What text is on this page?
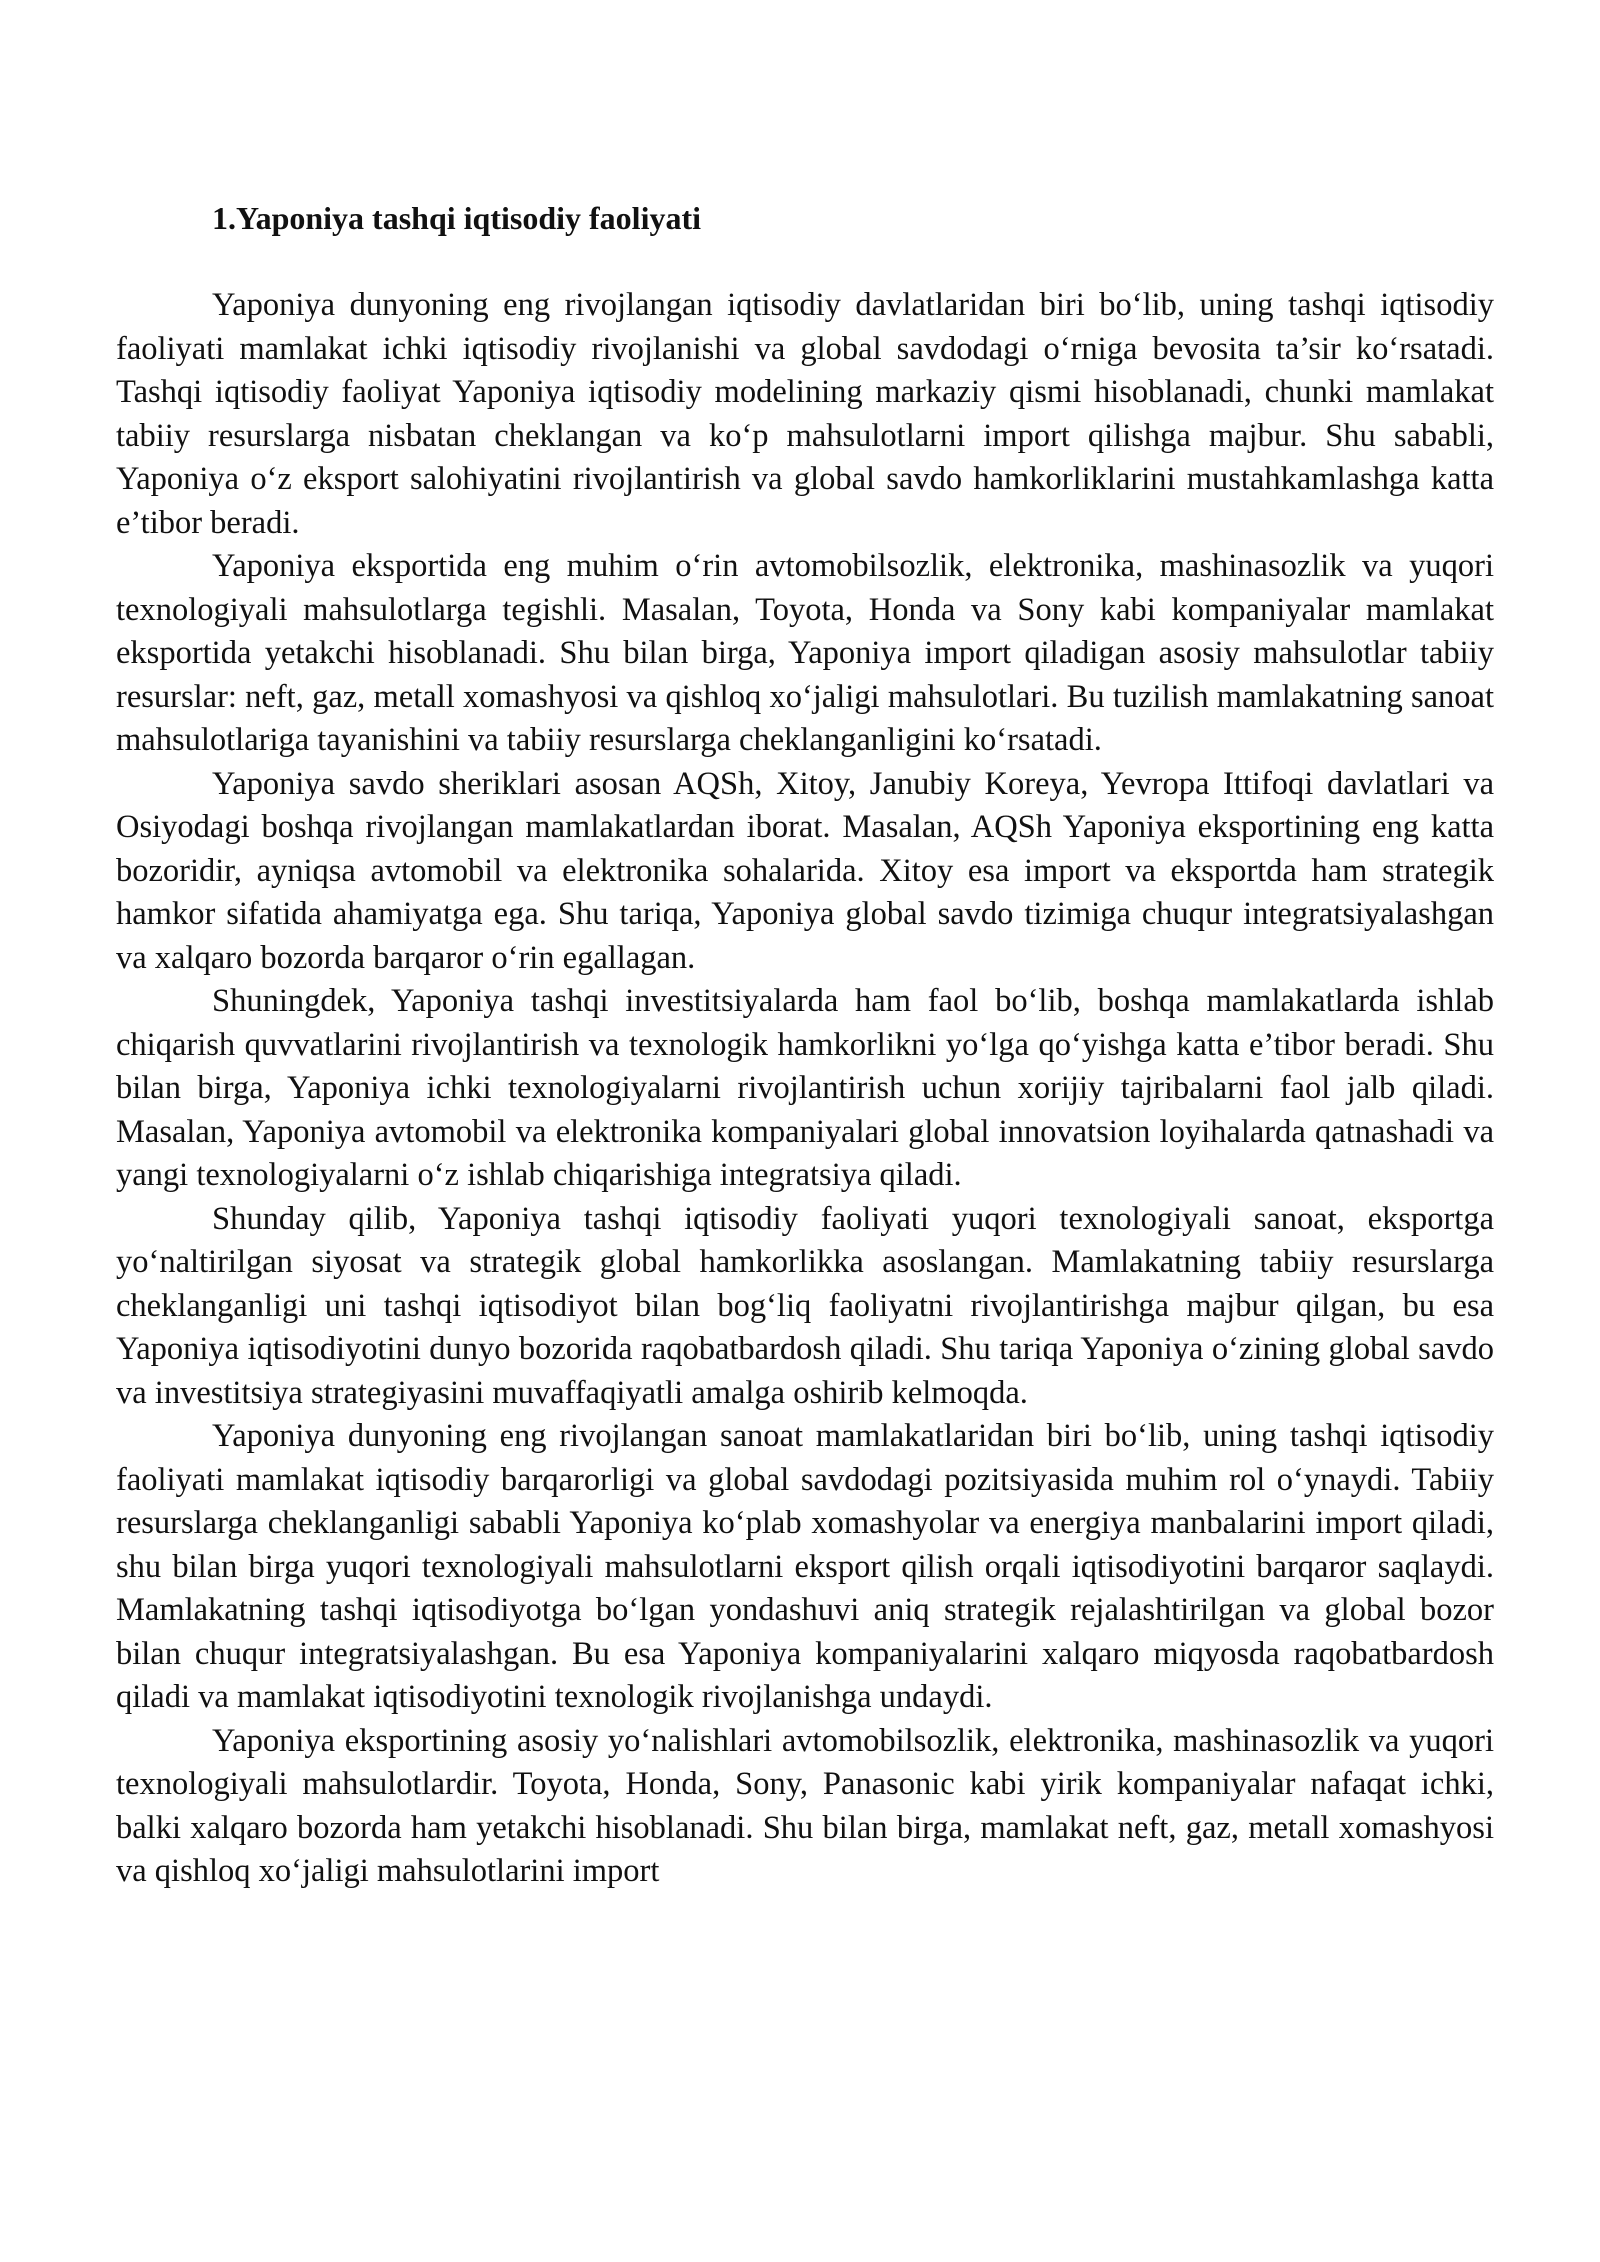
1.Yaponiya tashqi iqtisodiy faoliyati

Yaponiya dunyoning eng rivojlangan iqtisodiy davlatlaridan biri bo‘lib, uning tashqi iqtisodiy faoliyati mamlakat ichki iqtisodiy rivojlanishi va global savdodagi o‘rniga bevosita ta’sir ko‘rsatadi. Tashqi iqtisodiy faoliyat Yaponiya iqtisodiy modelining markaziy qismi hisoblanadi, chunki mamlakat tabiiy resurslarga nisbatan cheklangan va ko‘p mahsulotlarni import qilishga majbur. Shu sababli, Yaponiya o‘z eksport salohiyatini rivojlantirish va global savdo hamkorliklarini mustahkamlashga katta e’tibor beradi.

Yaponiya eksportida eng muhim o‘rin avtomobilsozlik, elektronika, mashinasozlik va yuqori texnologiyali mahsulotlarga tegishli. Masalan, Toyota, Honda va Sony kabi kompaniyalar mamlakat eksportida yetakchi hisoblanadi. Shu bilan birga, Yaponiya import qiladigan asosiy mahsulotlar tabiiy resurslar: neft, gaz, metall xomashyosi va qishloq xo‘jaligi mahsulotlari. Bu tuzilish mamlakatning sanoat mahsulotlariga tayanishini va tabiiy resurslarga cheklanganligini ko‘rsatadi.

Yaponiya savdo sheriklari asosan AQSh, Xitoy, Janubiy Koreya, Yevropa Ittifoqi davlatlari va Osiyodagi boshqa rivojlangan mamlakatlardan iborat. Masalan, AQSh Yaponiya eksportining eng katta bozoridir, ayniqsa avtomobil va elektronika sohalarida. Xitoy esa import va eksportda ham strategik hamkor sifatida ahamiyatga ega. Shu tariqa, Yaponiya global savdo tizimiga chuqur integratsiyalashgan va xalqaro bozorda barqaror o‘rin egallagan.

Shuningdek, Yaponiya tashqi investitsiyalarda ham faol bo‘lib, boshqa mamlakatlarda ishlab chiqarish quvvatlarini rivojlantirish va texnologik hamkorlikni yo‘lga qo‘yishga katta e’tibor beradi. Shu bilan birga, Yaponiya ichki texnologiyalarni rivojlantirish uchun xorijiy tajribalarni faol jalb qiladi. Masalan, Yaponiya avtomobil va elektronika kompaniyalari global innovatsion loyihalarda qatnashadi va yangi texnologiyalarni o‘z ishlab chiqarishiga integratsiya qiladi.

Shunday qilib, Yaponiya tashqi iqtisodiy faoliyati yuqori texnologiyali sanoat, eksportga yo‘naltirilgan siyosat va strategik global hamkorlikka asoslangan. Mamlakatning tabiiy resurslarga cheklanganligi uni tashqi iqtisodiyot bilan bog‘liq faoliyatni rivojlantirishga majbur qilgan, bu esa Yaponiya iqtisodiyotini dunyo bozorida raqobatbardosh qiladi. Shu tariqa Yaponiya o‘zining global savdo va investitsiya strategiyasini muvaffaqiyatli amalga oshirib kelmoqda.

Yaponiya dunyoning eng rivojlangan sanoat mamlakatlaridan biri bo‘lib, uning tashqi iqtisodiy faoliyati mamlakat iqtisodiy barqarorligi va global savdodagi pozitsiyasida muhim rol o‘ynaydi. Tabiiy resurslarga cheklanganligi sababli Yaponiya ko‘plab xomashyolar va energiya manbalarini import qiladi, shu bilan birga yuqori texnologiyali mahsulotlarni eksport qilish orqali iqtisodiyotini barqaror saqlaydi. Mamlakatning tashqi iqtisodiyotga bo‘lgan yondashuvi aniq strategik rejalashtirilgan va global bozor bilan chuqur integratsiyalashgan. Bu esa Yaponiya kompaniyalarini xalqaro miqyosda raqobatbardosh qiladi va mamlakat iqtisodiyotini texnologik rivojlanishga undaydi.

Yaponiya eksportining asosiy yo‘nalishlari avtomobilsozlik, elektronika, mashinasozlik va yuqori texnologiyali mahsulotlardir. Toyota, Honda, Sony, Panasonic kabi yirik kompaniyalar nafaqat ichki, balki xalqaro bozorda ham yetakchi hisoblanadi. Shu bilan birga, mamlakat neft, gaz, metall xomashyosi va qishloq xo‘jaligi mahsulotlarini import
